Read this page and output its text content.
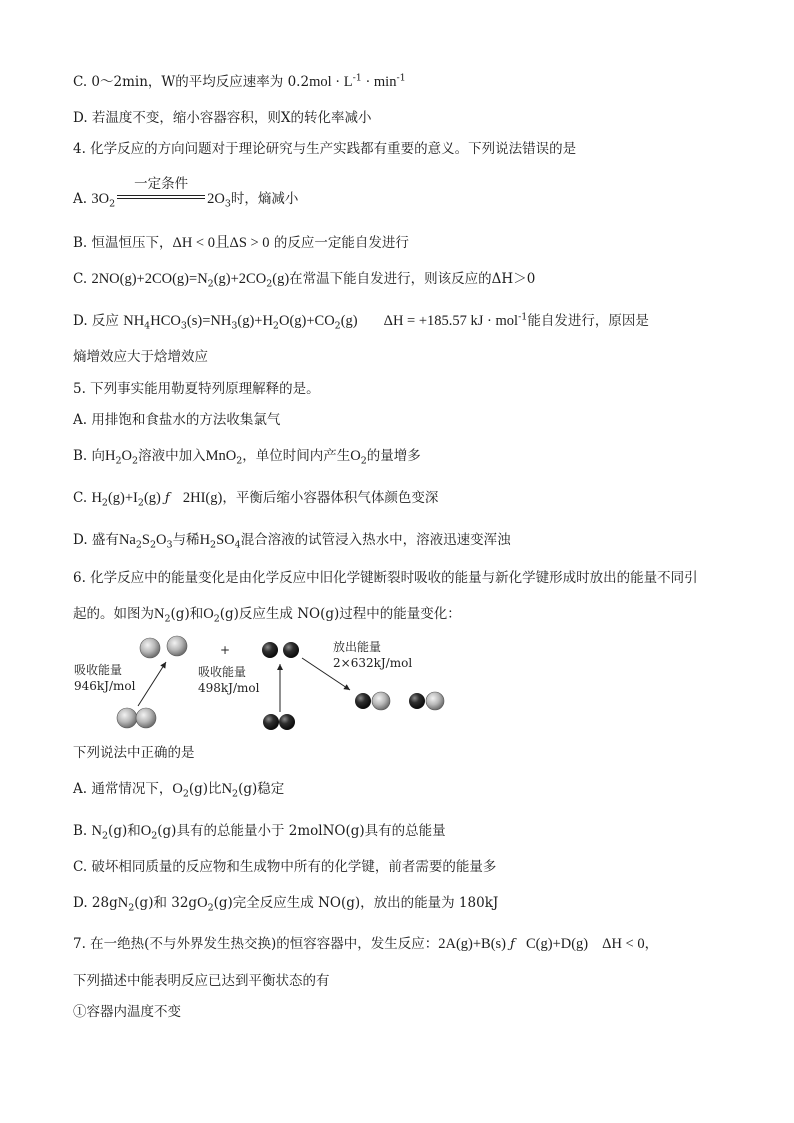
C. 0～2min，W的平均反应速率为 $0.2mol \cdot L^{-1} \cdot \min^{-1}$
D. 若温度不变，缩小容器容积，则X的转化率减小
4. 化学反应的方向问题对于理论研究与生产实践都有重要的意义。下列说法错误的是
A. $3O_2$
一定条件
$2O_3$时，熵减小
B. 恒温恒压下，ΔH < 0且ΔS > 0 的反应一定能自发进行
C. $2NO(g)+2CO(g)=N_2(g)+2CO_2(g)$在常温下能自发进行，则该反应的ΔH＞0
D. 反应 $NH_4HCO_3(s)=NH_3(g)+H_2O(g)+CO_2(g) \Delta H = +185.57$ kJ · mol$^{-1}$能自发进行，原因是
熵增效应大于焓增效应
5. 下列事实能用勒夏特列原理解释的是。
A. 用排饱和食盐水的方法收集氯气
B. 向$H_2O_2$溶液中加入MnO$_2$，单位时间内产生$O_2$的量增多
C. $H_2(g)+I_2(g)$ ƒ 2HI(g)，平衡后缩小容器体积气体颜色变深
D. 盛有$Na_2S_2O_3$与稀$H_2SO_4$混合溶液的试管浸入热水中，溶液迅速变浑浊
6. 化学反应中的能量变化是由化学反应中旧化学键断裂时吸收的能量与新化学键形成时放出的能量不同引
起的。如图为$N_2(g)$和$O_2(g)$反应生成 NO(g)过程中的能量变化：
+
吸收能量
946kJ/mol
吸收能量
498kJ/mol
放出能量
2×632kJ/mol
下列说法中正确的是
A. 通常情况下，$O_2(g)$比$N_2(g)$稳定
B. $N_2(g)$和$O_2(g)$具有的总能量小于 2molNO(g)具有的总能量
C. 破坏相同质量的反应物和生成物中所有的化学键，前者需要的能量多
D. $28gN_2(g)$和 $32gO_2(g)$完全反应生成 NO(g)，放出的能量为 180kJ
7. 在一绝热(不与外界发生热交换)的恒容容器中，发生反应：2A(g)+B(s) ƒ C(g)+D(g) ΔH < 0，
下列描述中能表明反应已达到平衡状态的有
①容器内温度不变
